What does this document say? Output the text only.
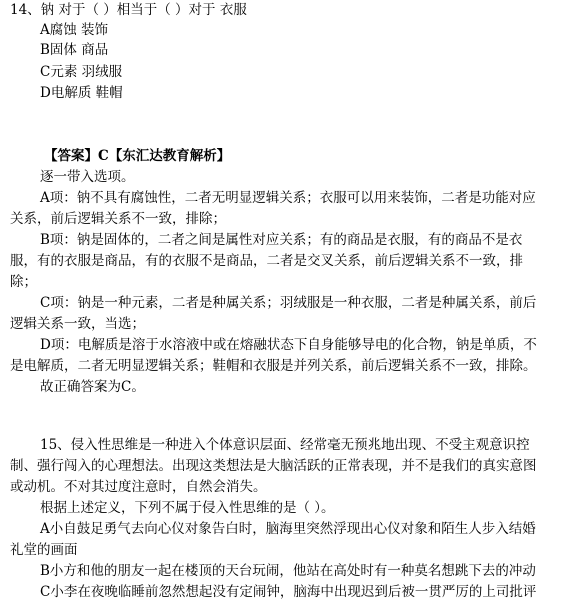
14、钠 对于（ ）相当于（ ）对于 衣服
A腐蚀 装饰
B固体 商品
C元素 羽绒服
D电解质 鞋帽
【答案】C【东汇达教育解析】
逐一带入选项。
A项：钠不具有腐蚀性，二者无明显逻辑关系；衣服可以用来装饰，二者是功能对应
关系，前后逻辑关系不一致，排除；
B项：钠是固体的，二者之间是属性对应关系；有的商品是衣服，有的商品不是衣
服，有的衣服是商品，有的衣服不是商品，二者是交叉关系，前后逻辑关系不一致，排
除；
C项：钠是一种元素，二者是种属关系；羽绒服是一种衣服，二者是种属关系，前后
逻辑关系一致，当选；
D项：电解质是溶于水溶液中或在熔融状态下自身能够导电的化合物，钠是单质，不
是电解质，二者无明显逻辑关系；鞋帽和衣服是并列关系，前后逻辑关系不一致，排除。
故正确答案为C。
15、侵入性思维是一种进入个体意识层面、经常毫无预兆地出现、不受主观意识控
制、强行闯入的心理想法。出现这类想法是大脑活跃的正常表现，并不是我们的真实意图
或动机。不对其过度注意时，自然会消失。
根据上述定义，下列不属于侵入性思维的是（ ）。
A小自鼓足勇气去向心仪对象告白时，脑海里突然浮现出心仪对象和陌生人步入结婚
礼堂的画面
B小方和他的朋友一起在楼顶的天台玩闹，他站在高处时有一种莫名想跳下去的冲动
C小李在夜晚临睡前忽然想起没有定闹钟，脑海中出现迟到后被一贯严厉的上司批评
